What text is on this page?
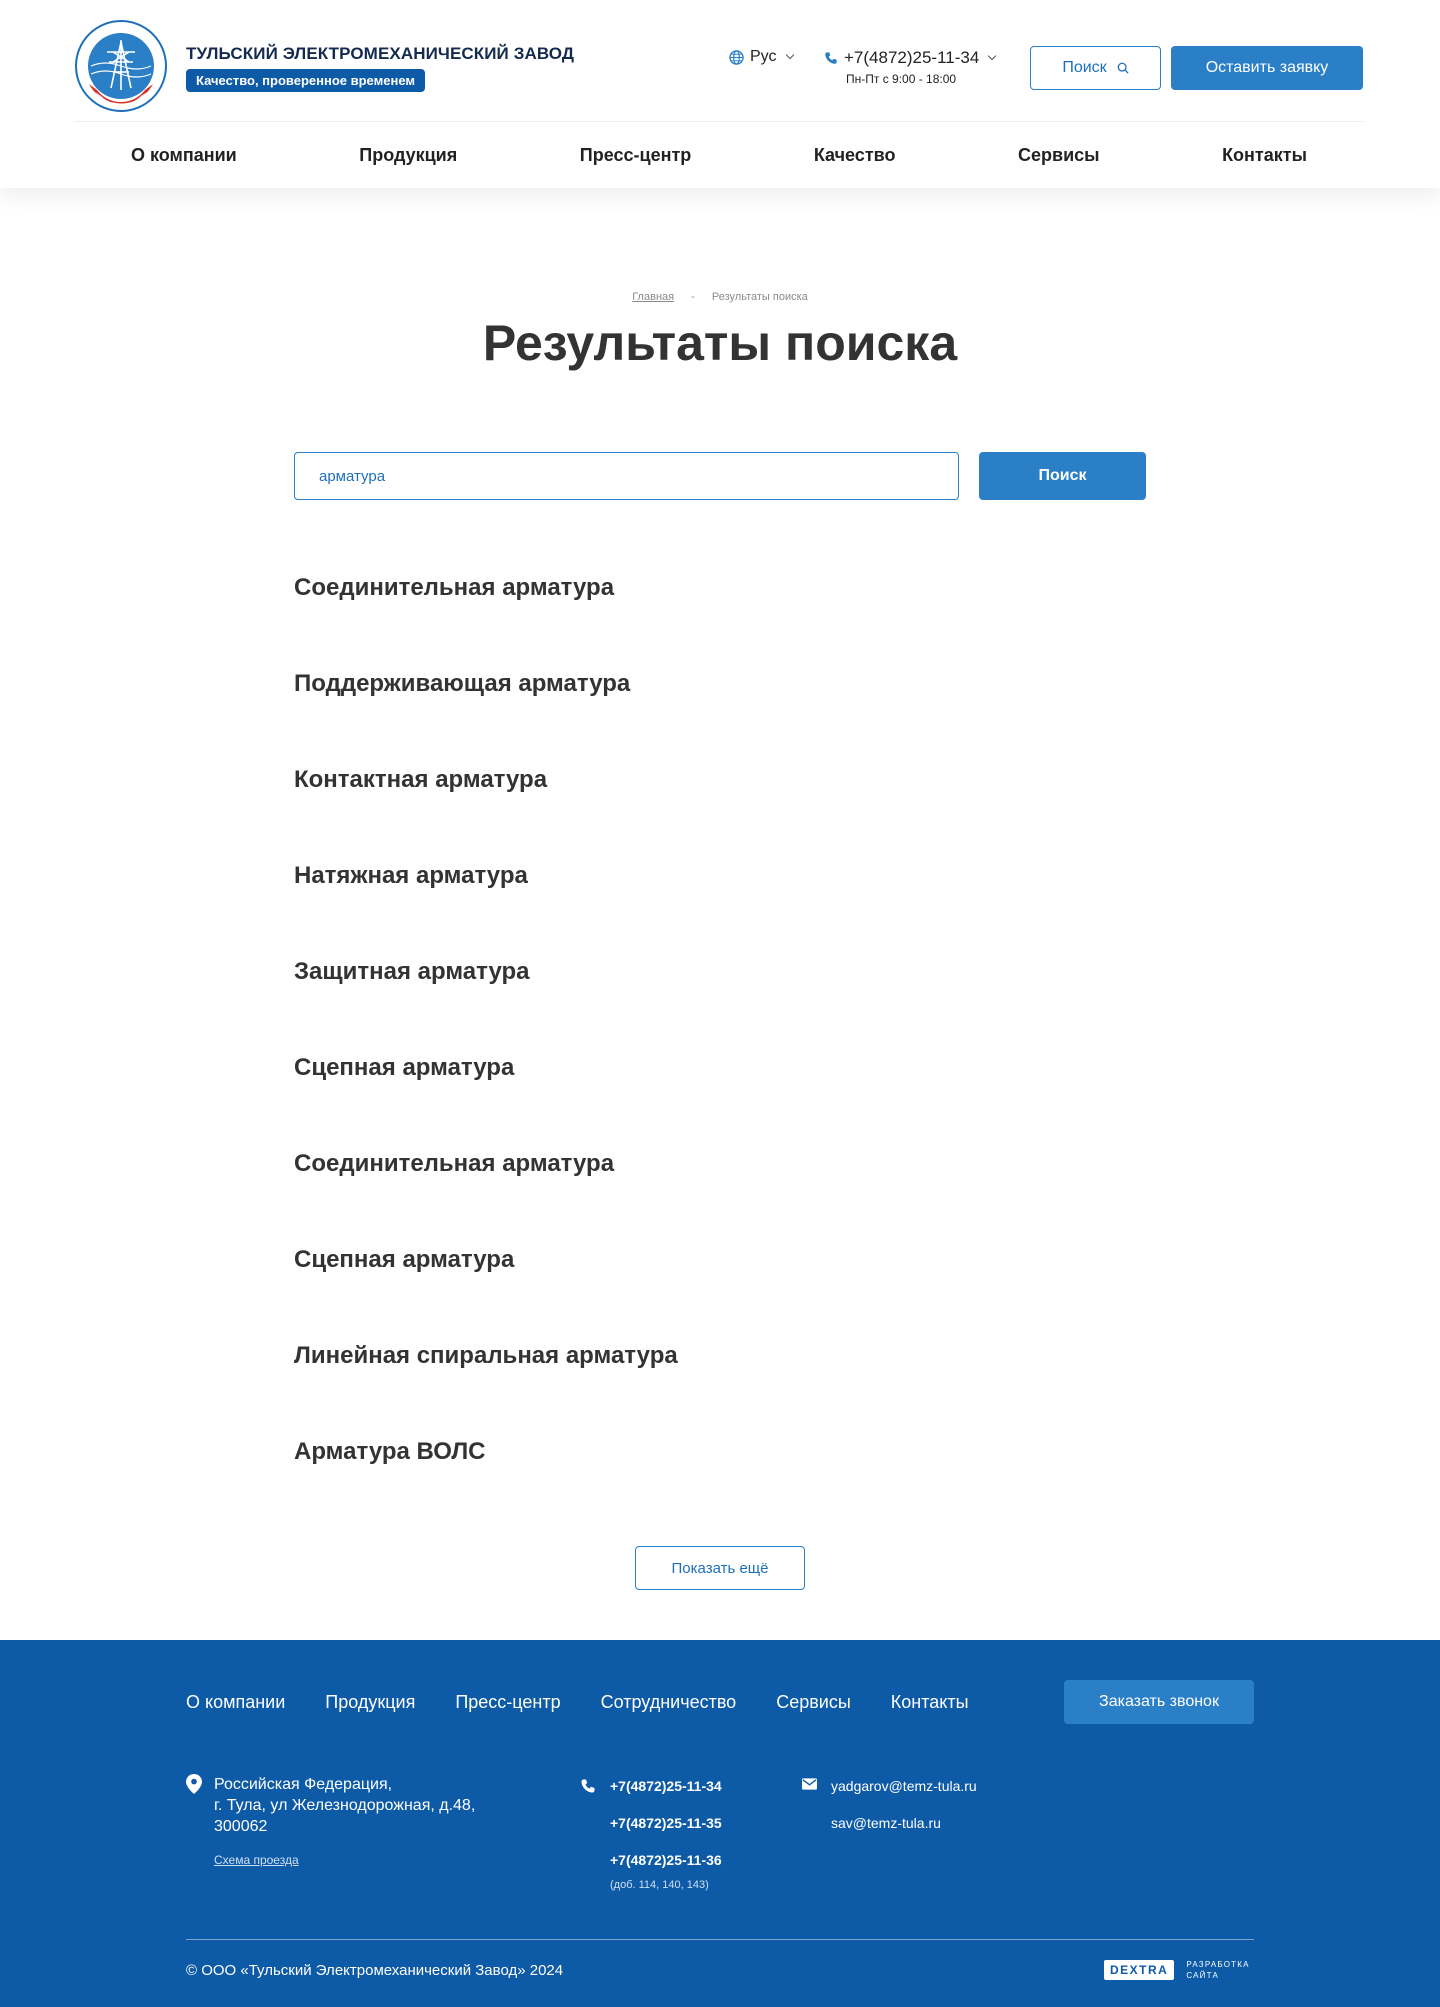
ТУЛЬСКИЙ ЭЛЕКТРОМЕХАНИЧЕСКИЙ ЗАВОД
Качество, проверенное временем
Рус	+7(4872)25-11-34
Пн-Пт с 9:00 - 18:00
Поиск	Оставить заявку
О компании	Продукция	Пресс-центр	Качество	Сервисы	Контакты
Главная - Результаты поиска
Результаты поиска
арматура
Поиск
Соединительная арматура
Поддерживающая арматура
Контактная арматура
Натяжная арматура
Защитная арматура
Сцепная арматура
Соединительная арматура
Сцепная арматура
Линейная спиральная арматура
Арматура ВОЛС
Показать ещё
О компании Продукция Пресс-центр Сотрудничество Сервисы Контакты	Заказать звонок
Российская Федерация,
г. Тула, ул Железнодорожная, д.48,
300062
Схема проезда
+7(4872)25-11-34
+7(4872)25-11-35
+7(4872)25-11-36
(доб. 114, 140, 143)
yadgarov@temz-tula.ru
sav@temz-tula.ru
© ООО «Тульский Электромеханический Завод» 2024	DEXTRA	РАЗРАБОТКА САЙТА
